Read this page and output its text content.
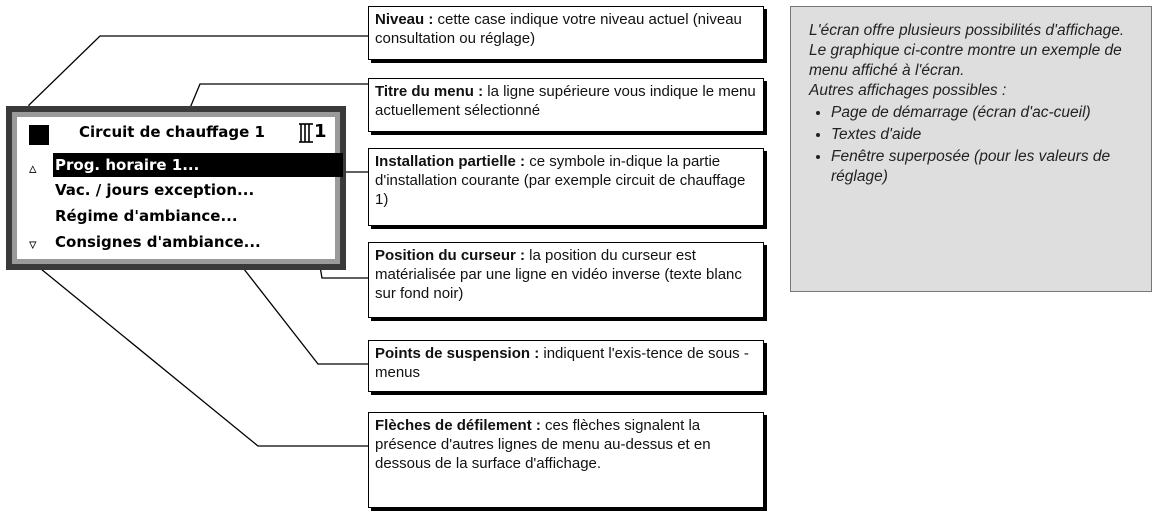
Circuit de chauffage 1	1
▵ Prog. horaire 1...
Vac. / jours exception...
Régime d'ambiance...
Consignes d'ambiance...
▿
Niveau : cette case indique votre niveau actuel (niveau consultation ou réglage)
Titre du menu : la ligne supérieure vous indique le menu actuellement sélectionné
Installation partielle : ce symbole in-dique la partie d'installation courante (par exemple circuit de chauffage 1)
Position du curseur : la position du curseur est matérialisée par une ligne en vidéo inverse (texte blanc sur fond noir)
Points de suspension : indiquent l'exis-tence de sous -menus
Flèches de défilement : ces flèches signalent la présence d'autres lignes de menu au-dessus et en dessous de la surface d'affichage.

L'écran offre plusieurs possibilités d'affichage.

Le graphique ci-contre montre un exemple de menu affiché à l'écran.

Autres affichages possibles :

• Page de démarrage (écran d'ac-cueil)
• Textes d'aide
• Fenêtre superposée (pour les valeurs de réglage)
